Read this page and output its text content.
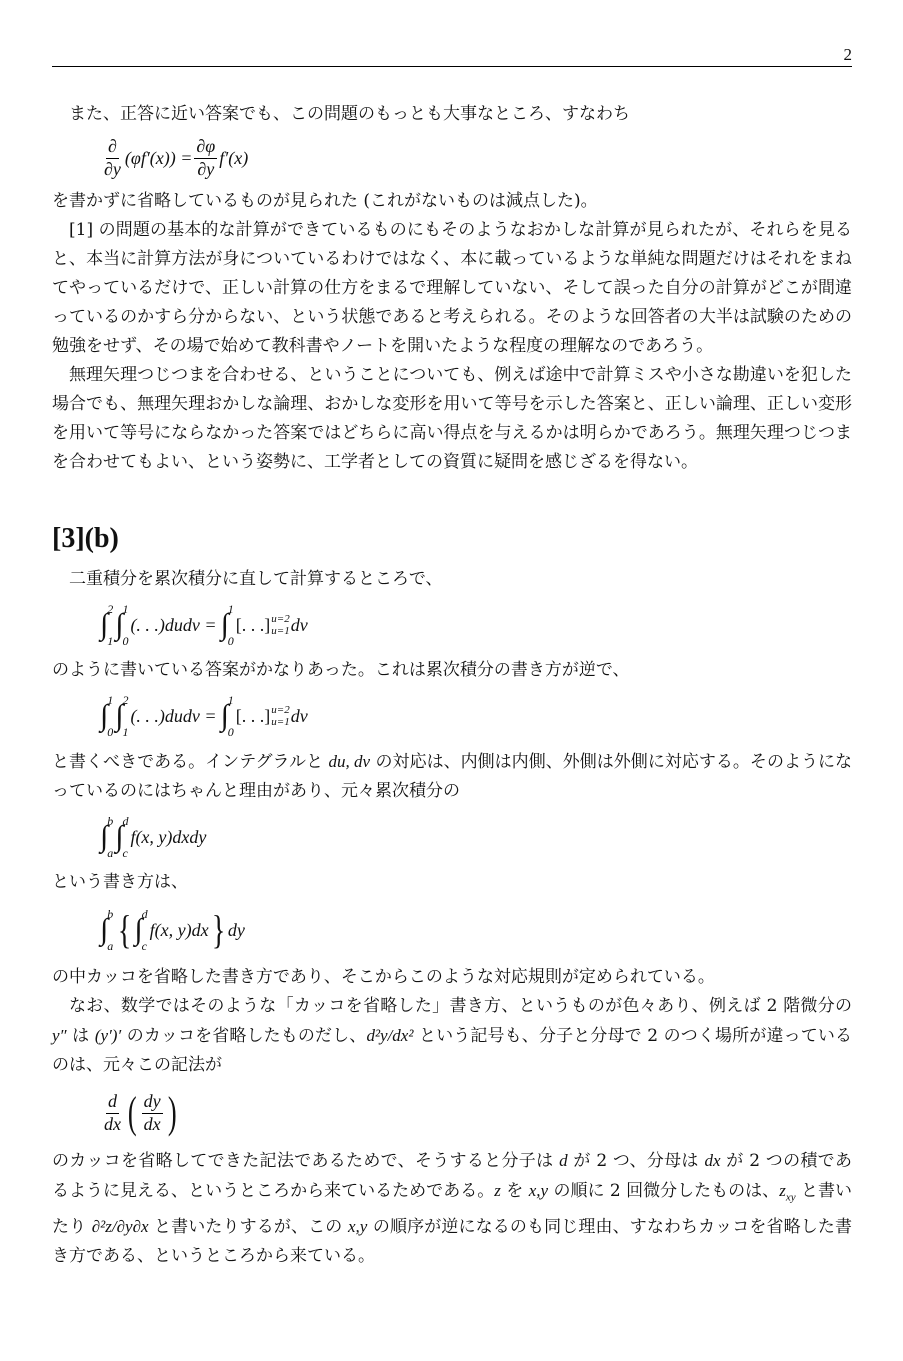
2

また、正答に近い答案でも、この問題のもっとも大事なところ、すなわち

$\frac{\partial}{\partial y} (\varphi f'(x)) = \frac{\partial\varphi}{\partial y} f'(x)$

を書かずに省略しているものが見られた (これがないものは減点した)。

[1] の問題の基本的な計算ができているものにもそのようなおかしな計算が見られたが、それらを見ると、本当に計算方法が身についているわけではなく、本に載っているような単純な問題だけはそれをまねてやっているだけで、正しい計算の仕方をまるで理解していない、そして誤った自分の計算がどこが間違っているのかすら分からない、という状態であると考えられる。そのような回答者の大半は試験のための勉強をせず、その場で始めて教科書やノートを開いたような程度の理解なのであろう。

無理矢理つじつまを合わせる、ということについても、例えば途中で計算ミスや小さな勘違いを犯した場合でも、無理矢理おかしな論理、おかしな変形を用いて等号を示した答案と、正しい論理、正しい変形を用いて等号にならなかった答案ではどちらに高い得点を与えるかは明らかであろう。無理矢理つじつまを合わせてもよい、という姿勢に、工学者としての資質に疑問を感じざるを得ない。

[3](b)

二重積分を累次積分に直して計算するところで、

∫ 2
1 ∫ 1
0
(. . .)dudv = ∫ 1
0
[. . .] u=2
u=1 dv

のように書いている答案がかなりあった。これは累次積分の書き方が逆で、

∫ 1
0 ∫ 2
1
(. . .)dudv = ∫ 1
0
[. . .] u=2
u=1 dv

と書くべきである。インテグラルと du, dv の対応は、内側は内側、外側は外側に対応する。そのようになっているのにはちゃんと理由があり、元々累次積分の

∫ b
a ∫ d
c
f(x, y)dxdy

という書き方は、

∫ b
a { ∫ d
c
f(x, y)dx } dy

の中カッコを省略した書き方であり、そこからこのような対応規則が定められている。

なお、数学ではそのような「カッコを省略した」書き方、というものが色々あり、例えば 2 階微分の y″ は (y′)′ のカッコを省略したものだし、d²y/dx² という記号も、分子と分母で 2 のつく場所が違っているのは、元々この記法が

$\frac{d}{dx}$ ( $\frac{dy}{dx}$ )

のカッコを省略してできた記法であるためで、そうすると分子は d が 2 つ、分母は dx が 2 つの積であるように見える、というところから来ているためである。z を x,y の順に 2 回微分したものは、$z_{xy}$ と書いたり ∂²z/∂y∂x と書いたりするが、この x,y の順序が逆になるのも同じ理由、すなわちカッコを省略した書き方である、というところから来ている。
